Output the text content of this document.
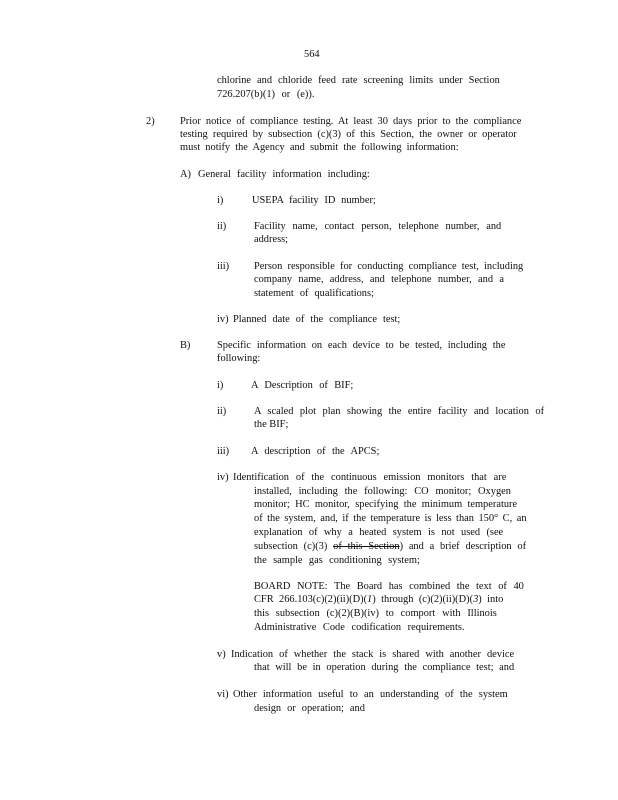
564
chlorine and chloride feed rate screening limits under Section
726.207(b)(1) or (e)).
2) Prior notice of compliance testing. At least 30 days prior to the compliance
testing required by subsection (c)(3) of this Section, the owner or operator
must notify the Agency and submit the following information:
A) General facility information including:
i)	USEPA facility ID number;
ii)	Facility name, contact person, telephone number, and
address;
iii) Person responsible for conducting compliance test, including
company name, address, and telephone number, and a
statement of qualifications;
iv) Planned date of the compliance test;
B)	Specific information on each device to be tested, including the
following:
i)	A Description of BIF;
ii)	A scaled plot plan showing the entire facility and location of
the BIF;
iii) A description of the APCS;
iv) Identification of the continuous emission monitors that are
installed, including the following: CO monitor; Oxygen
monitor; HC monitor, specifying the minimum temperature
of the system, and, if the temperature is less than 150° C, an
explanation of why a heated system is not used (see
subsection (c)(3) of this Section) and a brief description of
the sample gas conditioning system;
BOARD NOTE: The Board has combined the text of 40
CFR 266.103(c)(2)(ii)(D)(1) through (c)(2)(ii)(D)(3) into
this subsection (c)(2)(B)(iv) to comport with Illinois
Administrative Code codification requirements.
v) Indication of whether the stack is shared with another device
that will be in operation during the compliance test; and
vi) Other information useful to an understanding of the system
design or operation; and
